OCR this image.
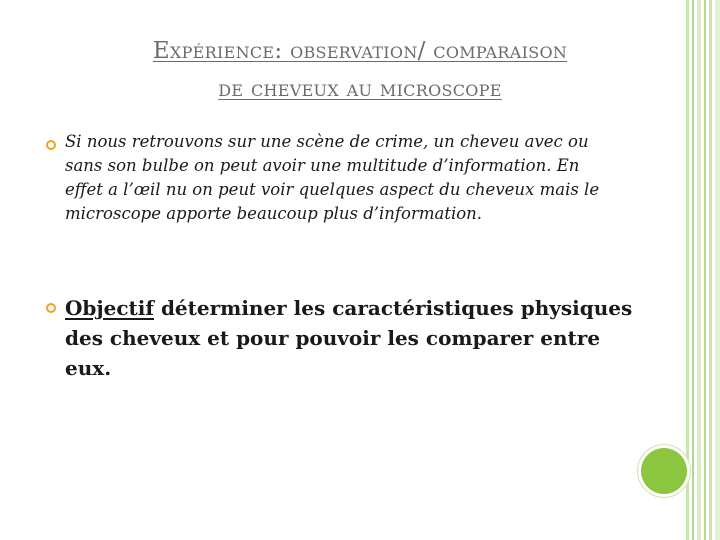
Expérience: observation/ comparaison
de cheveux au microscope
Si nous retrouvons sur une scène de crime, un cheveu avec ou sans son bulbe on peut avoir une multitude d’information. En effet a l’œil nu on peut voir quelques aspect du cheveux mais le microscope apporte beaucoup plus d’information.
Objectif déterminer les caractéristiques physiques des cheveux et pour pouvoir les comparer entre eux.
